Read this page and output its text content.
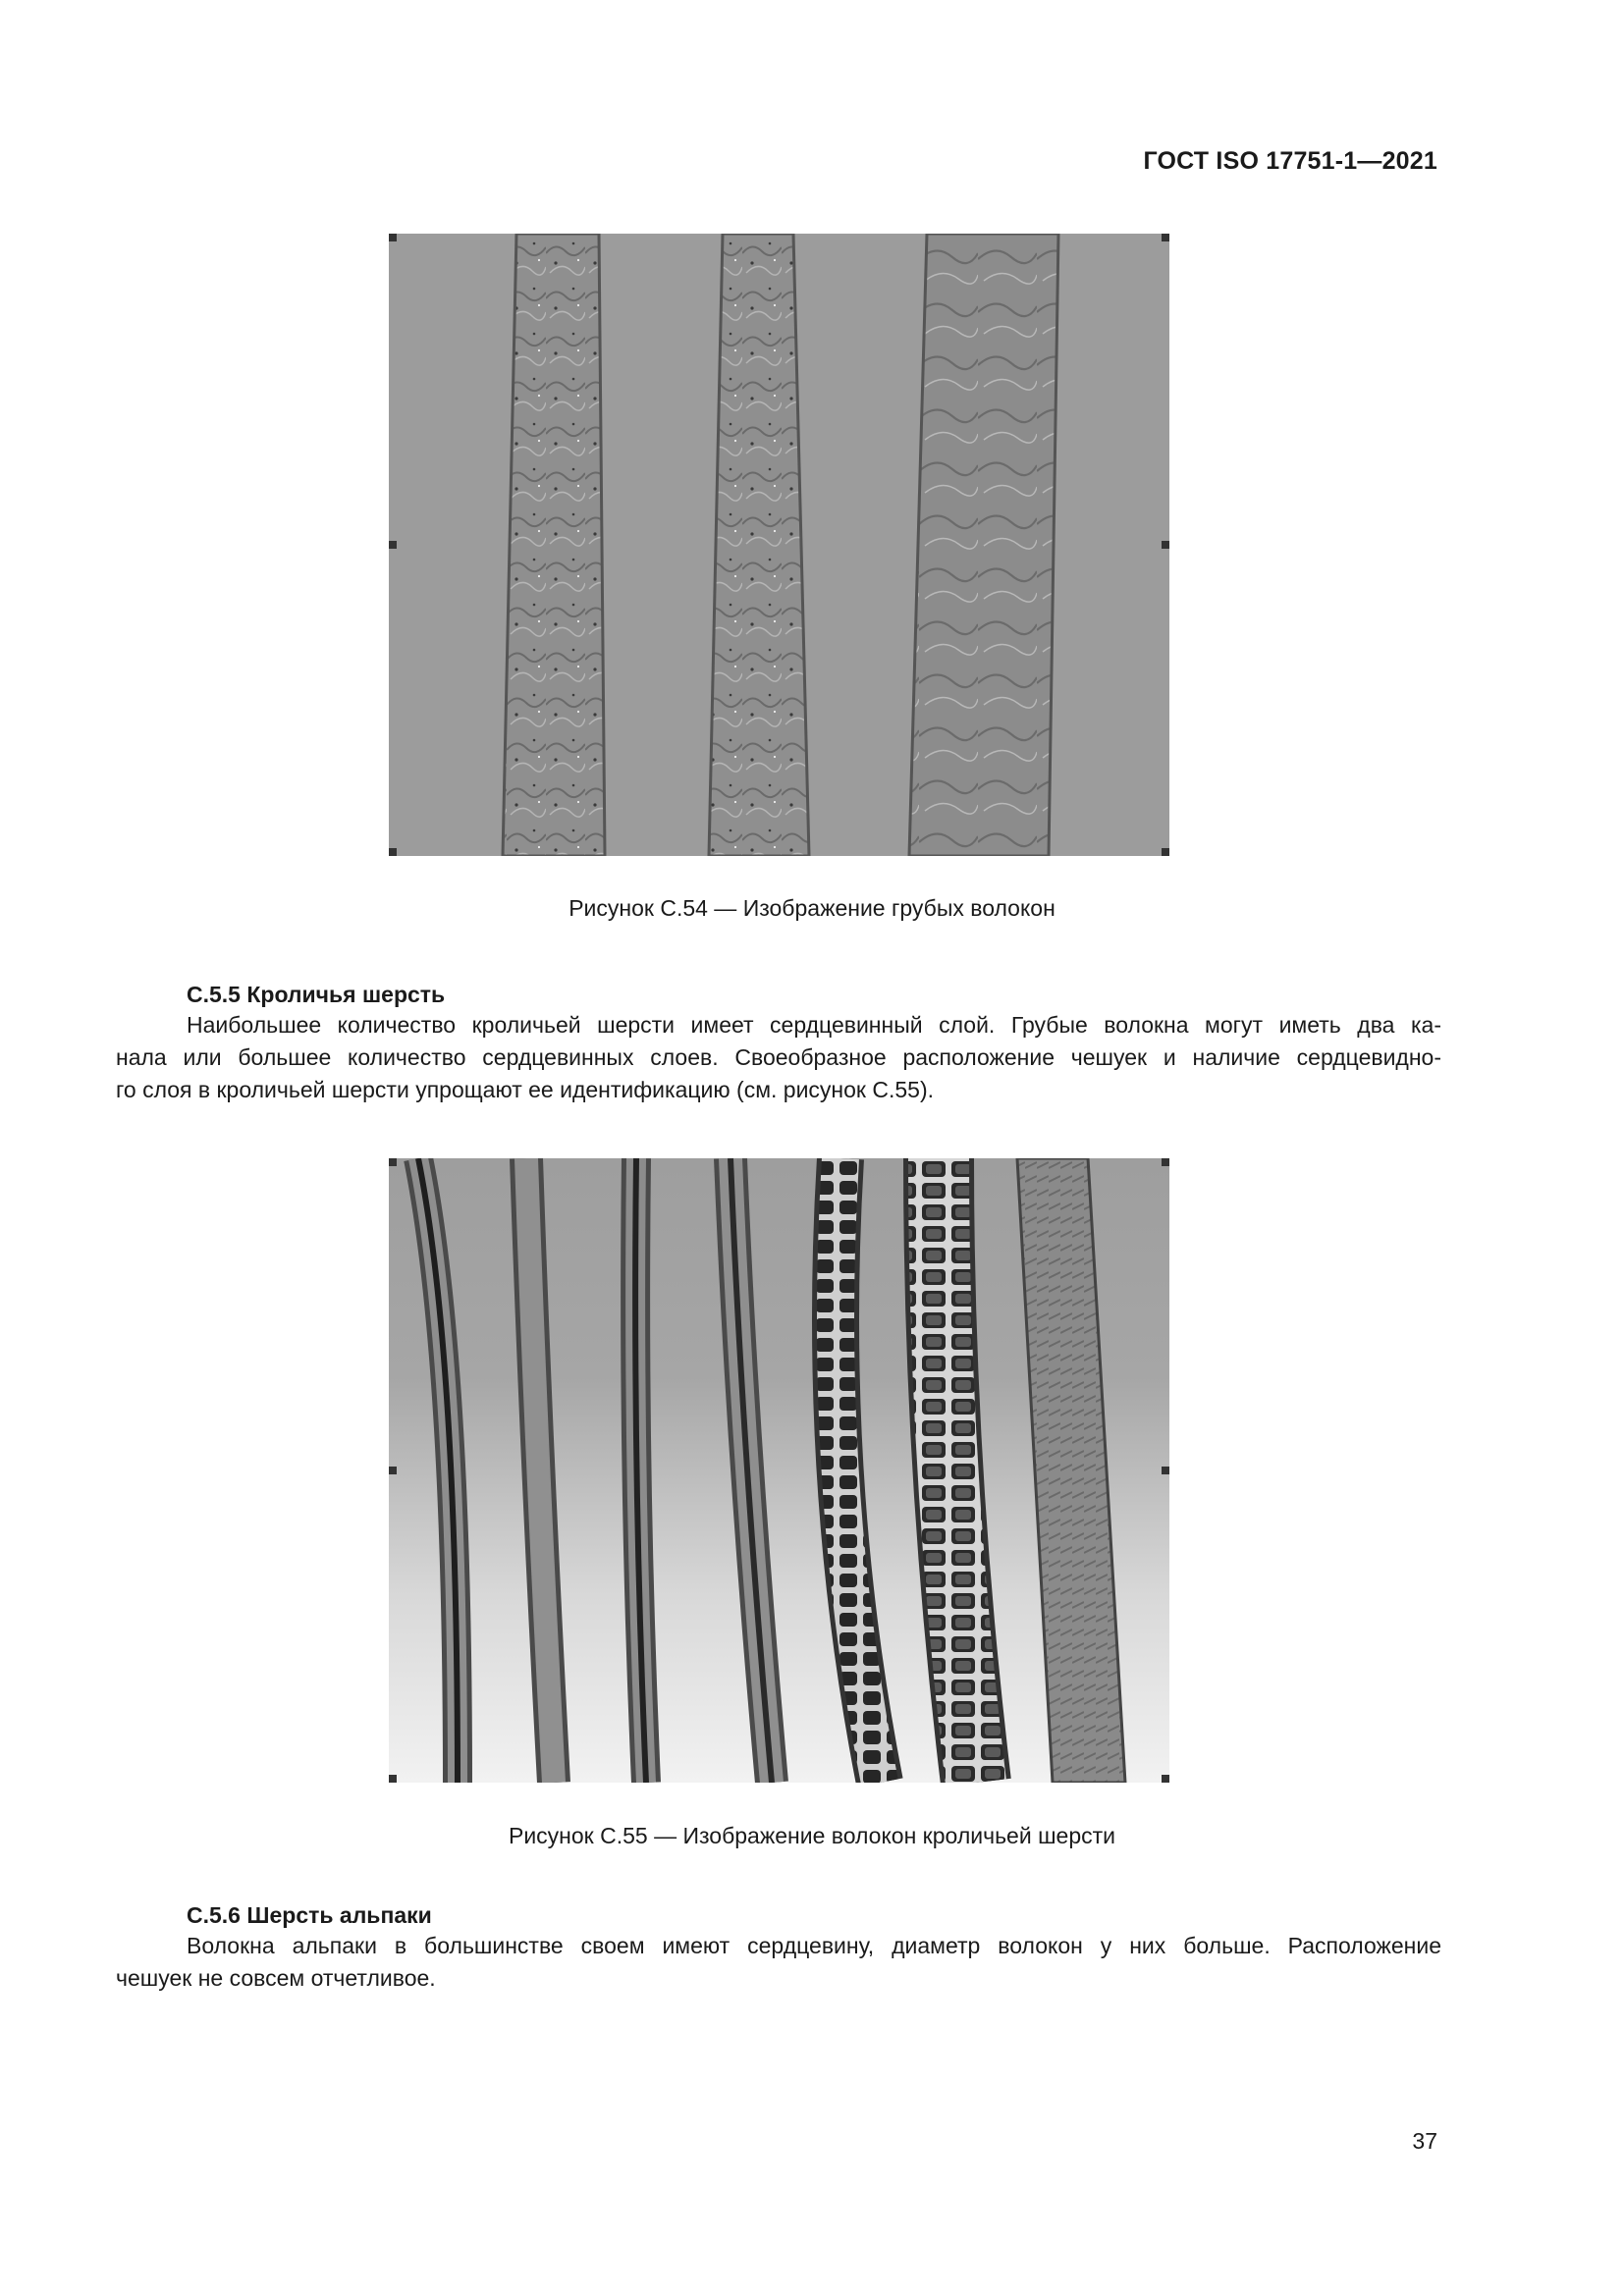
ГОСТ ISO 17751-1—2021
Рисунок С.54 — Изображение грубых волокон
С.5.5 Кроличья шерсть
Наибольшее количество кроличьей шерсти имеет сердцевинный слой. Грубые волокна могут иметь два ка-
нала или большее количество сердцевинных слоев. Своеобразное расположение чешуек и наличие сердцевидно-
го слоя в кроличьей шерсти упрощают ее идентификацию (см. рисунок С.55).
Рисунок С.55 — Изображение волокон кроличьей шерсти
С.5.6 Шерсть альпаки
Волокна альпаки в большинстве своем имеют сердцевину, диаметр волокон у них больше. Расположение
чешуек не совсем отчетливое.
37
